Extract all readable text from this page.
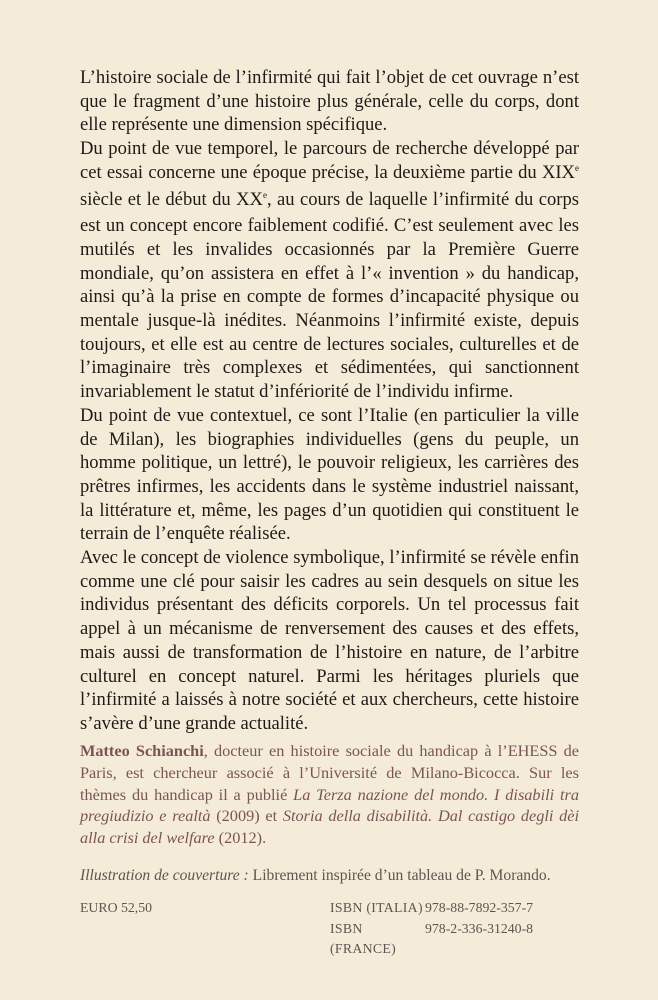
L’histoire sociale de l’infirmité qui fait l’objet de cet ouvrage n’est que le fragment d’une histoire plus générale, celle du corps, dont elle représente une dimension spécifique.

Du point de vue temporel, le parcours de recherche développé par cet essai concerne une époque précise, la deuxième partie du XIXe siècle et le début du XXe, au cours de laquelle l’infirmité du corps est un concept encore faiblement codifié. C’est seulement avec les mutilés et les invalides occasionnés par la Première Guerre mondiale, qu’on assistera en effet à l’« invention » du handicap, ainsi qu’à la prise en compte de formes d’incapacité physique ou mentale jusque-là inédites. Néanmoins l’infirmité existe, depuis toujours, et elle est au centre de lectures sociales, culturelles et de l’imaginaire très complexes et sédimentées, qui sanctionnent invariablement le statut d’infériorité de l’individu infirme.

Du point de vue contextuel, ce sont l’Italie (en particulier la ville de Milan), les biographies individuelles (gens du peuple, un homme politique, un lettré), le pouvoir religieux, les carrières des prêtres infirmes, les accidents dans le système industriel naissant, la littérature et, même, les pages d’un quotidien qui constituent le terrain de l’enquête réalisée.

Avec le concept de violence symbolique, l’infirmité se révèle enfin comme une clé pour saisir les cadres au sein desquels on situe les individus présentant des déficits corporels. Un tel processus fait appel à un mécanisme de renversement des causes et des effets, mais aussi de transformation de l’histoire en nature, de l’arbitre culturel en concept naturel. Parmi les héritages pluriels que l’infirmité a laissés à notre société et aux chercheurs, cette histoire s’avère d’une grande actualité.

Matteo Schianchi, docteur en histoire sociale du handicap à l’EHESS de Paris, est chercheur associé à l’Université de Milano-Bicocca. Sur les thèmes du handicap il a publié La Terza nazione del mondo. I disabili tra pregiudizio e realtà (2009) et Storia della disabilità. Dal castigo degli dèi alla crisi del welfare (2012).
Illustration de couverture : Librement inspirée d’un tableau de P. Morando.
EURO 52,50	ISBN (ITALIA) 978-88-7892-357-7
ISBN (FRANCE)
978-2-336-31240-8
